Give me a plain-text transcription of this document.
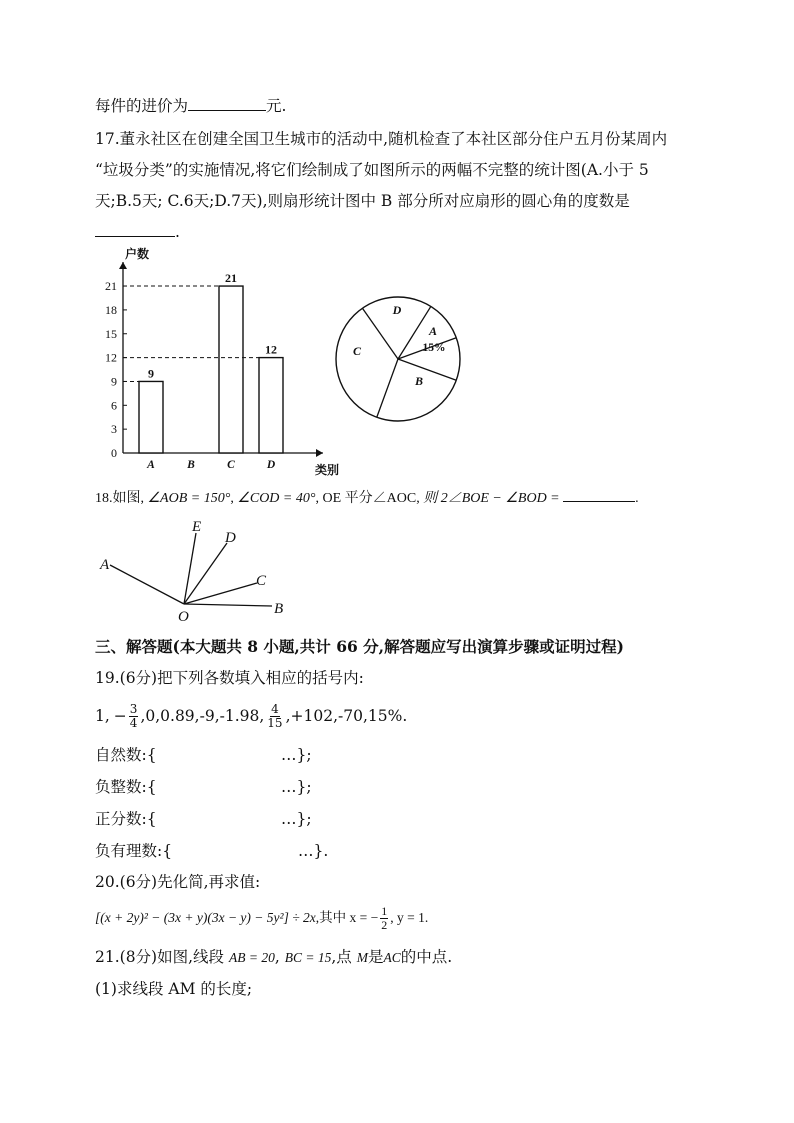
每件的进价为	元.
17.董永社区在创建全国卫生城市的活动中,随机检查了本社区部分住户五月份某周内
“垃圾分类”的实施情况,将它们绘制成了如图所示的两幅不完整的统计图(A.小于 5
天;B.5天; C.6天;D.7天),则扇形统计图中 B 部分所对应扇形的圆心角的度数是
.
户数
类别
0
3
6
9
12
15
18
21
9
A	B
21
C
12
D
A
B
C
D
15%
18.如图, ∠AOB = 150°, ∠COD = 40°, OE 平分∠AOC, 则 2∠BOE − ∠BOD =	.
A
E
D
C
B
O
三、解答题(本大题共 8 小题,共计 66 分,解答题应写出演算步骤或证明过程)
19.(6分)把下列各数填入相应的括号内:
1, − $\frac{3}{4} ,0,0.89,-9,-1.98$, $\frac{4}{15} ,+102,-70,15\%$.
自然数:{	…};
负整数:{	…};
正分数:{	…};
负有理数:{	…}.
20.(6分)先化简,再求值:
[(x + 2y)² − (3x + y)(3x − y) − 5y²] ÷ 2x ,其中 x = − $\frac{1}{2}$ , y = 1.
21.(8分)如图,线段 AB = 20, BC = 15,点 M是AC的中点.
(1)求线段 AM 的长度;
